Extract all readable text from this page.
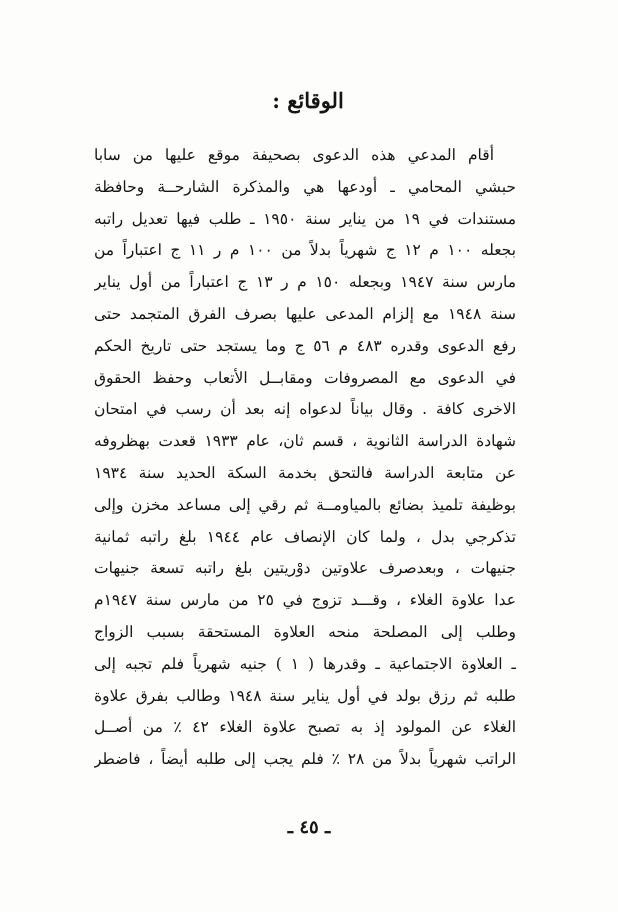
الوقائع :
أقام المدعي هذه الدعوى بصحيفة موقع عليها من سابا
حبشي المحامي ـ أودعها هي والمذكرة الشارحــة وحافظة
مستندات في ١٩ من يناير سنة ١٩٥٠ ـ طلب فيها تعديل راتبه
بجعله ١٠٠ م ١٢ ج شهرياً بدلاً من ١٠٠ م ر ١١ ج اعتباراً من
مارس سنة ١٩٤٧ وبجعله ١٥٠ م ر ١٣ ج اعتباراً من أول يناير
سنة ١٩٤٨ مع إلزام المدعى عليها بصرف الفرق المتجمد حتى
رفع الدعوى وقدره ٤٨٣ م ٥٦ ج وما يستجد حتى تاريخ الحكم
في الدعوى مع المصروفات ومقابــل الأتعاب وحفظ الحقوق
الاخرى كافة . وقال بياناً لدعواه إنه بعد أن رسب في امتحان
شهادة الدراسة الثانوية ، قسم ثان، عام ١٩٣٣ قعدت بهظروفه
عن متابعة الدراسة فالتحق بخدمة السكة الحديد سنة ١٩٣٤
بوظيفة تلميذ بضائع بالمياومــة ثم رقي إلى مساعد مخزن وإلى
تذكرجي بدل ، ولما كان الإنصاف عام ١٩٤٤ بلغ راتبه ثمانية
جنيهات ، وبعدصرف علاوتين دوْريتين بلغ راتبه تسعة جنيهات
عدا علاوة الغلاء ، وقـــد تزوج في ٢٥ من مارس سنة ١٩٤٧م
وطلب إلى المصلحة منحه العلاوة المستحقة بسبب الزواج
ـ العلاوة الاجتماعية ـ وقدرها ( ١ ) جنيه شهرياً فلم تجبه إلى
طلبه ثم رزق بولد في أول يناير سنة ١٩٤٨ وطالب بفرق علاوة
الغلاء عن المولود إذ به تصبح علاوة الغلاء ٤٢ ٪ من أصــل
الراتب شهرياً بدلاً من ٢٨ ٪ فلم يجب إلى طلبه أيضاً ، فاضطر
ـ ٤٥ ـ
